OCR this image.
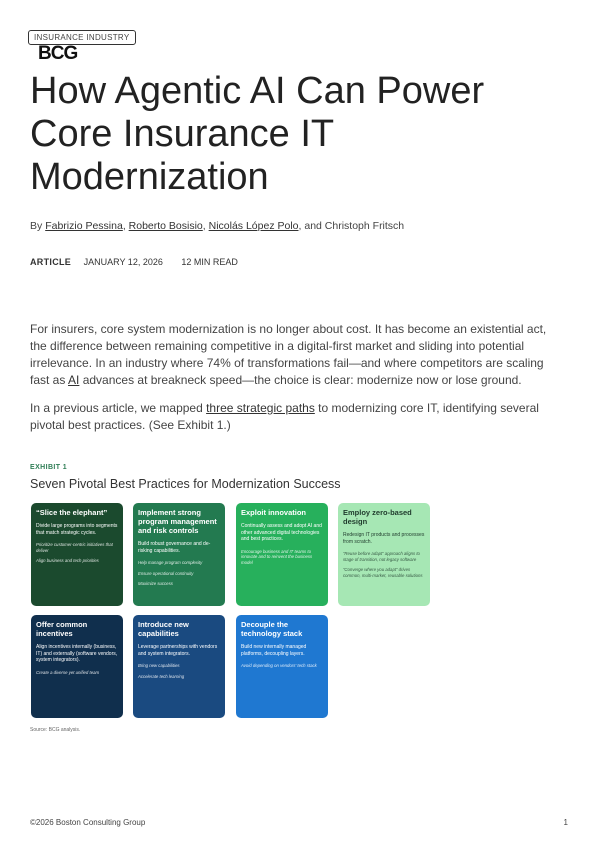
INSURANCE INDUSTRY
BCG
How Agentic AI Can Power Core Insurance IT Modernization
By Fabrizio Pessina, Roberto Bosisio, Nicolás López Polo, and Christoph Fritsch
ARTICLE JANUARY 12, 2026 12 MIN READ

For insurers, core system modernization is no longer about cost. It has become an existential act, the difference between remaining competitive in a digital-first market and sliding into potential irrelevance. In an industry where 74% of transformations fail—and where competitors are scaling fast as AI advances at breakneck speed—the choice is clear: modernize now or lose ground.

In a previous article, we mapped three strategic paths to modernizing core IT, identifying several pivotal best practices. (See Exhibit 1.)

EXHIBIT 1
Seven Pivotal Best Practices for Modernization Success
“Slice the elephant”
Divide large programs into segments that match strategic cycles.
Prioritize customer-centric initiatives that deliver
Align business and tech priorities
Implement strong program management and risk controls
Build robust governance and de-risking capabilities.
Help manage program complexity
Ensure operational continuity
Maximize success
Exploit innovation
Continually assess and adopt AI and other advanced digital technologies and best practices.
Encourage business and IT teams to innovate and to reinvent the business model
Employ zero-based design
Redesign IT products and processes from scratch.
“Reuse before adapt” approach aligns to stage of transition, not legacy software
“Converge where you adapt” drives common, multi-market, reusable solutions
Offer common incentives
Align incentives internally (business, IT) and externally (software vendors, system integrators).
Create a diverse yet unified team
Introduce new capabilities
Leverage partnerships with vendors and system integrators.
Bring new capabilities
Accelerate tech learning
Decouple the technology stack
Build new internally managed platforms, decoupling layers.
Avoid depending on vendors' tech stack
Source: BCG analysis.
©2026 Boston Consulting Group	1
